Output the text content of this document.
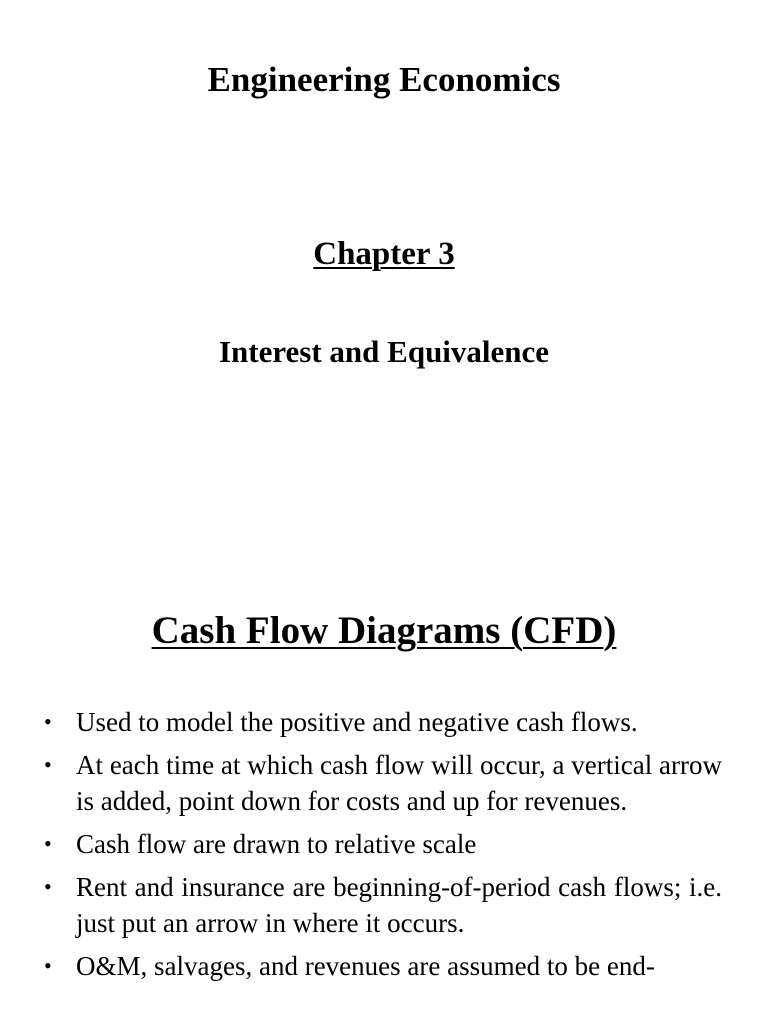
Engineering Economics
Chapter 3
Interest and Equivalence
Cash Flow Diagrams (CFD)
• Used to model the positive and negative cash flows.
• At each time at which cash flow will occur, a vertical arrow is added, point down for costs and up for revenues.
• Cash flow are drawn to relative scale
• Rent and insurance are beginning-of-period cash flows; i.e. just put an arrow in where it occurs.
• O&M, salvages, and revenues are assumed to be end-
